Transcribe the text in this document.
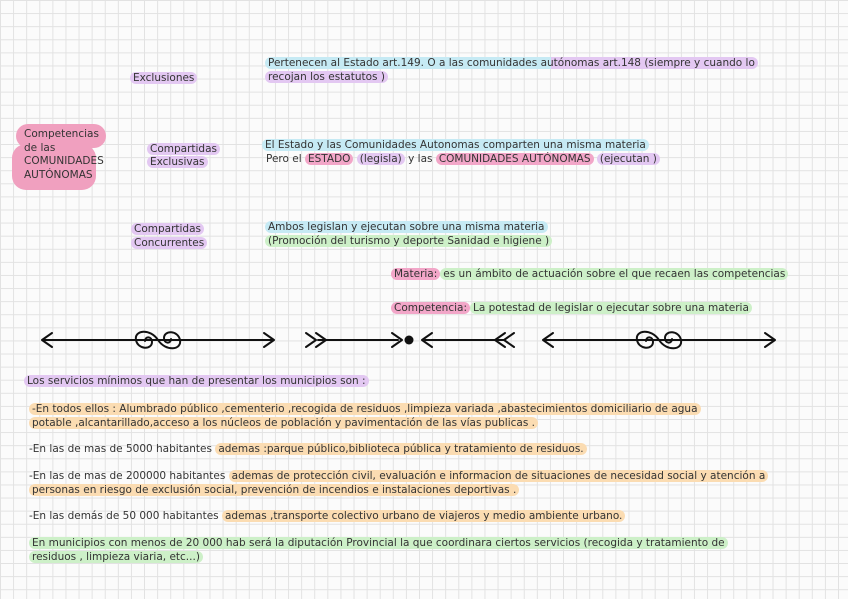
Competencias de las COMUNIDADES AUTÓNOMAS
Exclusiones
Pertenecen al Estado art.149. O a las comunidades autónomas art.148 (siempre y cuando lo
recojan los estatutos )
Compartidas
Exclusivas
El Estado y las Comunidades Autonomas comparten una misma materia
Pero el ESTADO (legisla) y las COMUNIDADES AUTÓNOMAS (ejecutan )
Compartidas
Concurrentes
Ambos legislan y ejecutan sobre una misma materia
(Promoción del turismo y deporte Sanidad e higiene )
Materia: es un ámbito de actuación sobre el que recaen las competencias
Competencia: La potestad de legislar o ejecutar sobre una materia
Los servicios mínimos que han de presentar los municipios son :
-En todos ellos : Alumbrado público ,cementerio ,recogida de residuos ,limpieza variada ,abastecimientos domiciliario de agua
potable ,alcantarillado,acceso a los núcleos de población y pavimentación de las vías publicas .
-En las de mas de 5000 habitantes ademas :parque público,biblioteca pública y tratamiento de residuos.
-En las de mas de 200000 habitantes ademas de protección civil, evaluación e informacion de situaciones de necesidad social y atención a
personas en riesgo de exclusión social, prevención de incendios e instalaciones deportivas .
-En las demás de 50 000 habitantes ademas ,transporte colectivo urbano de viajeros y medio ambiente urbano.
En municipios con menos de 20 000 hab será la diputación Provincial la que coordinara ciertos servicios (recogida y tratamiento de
residuos , limpieza viaria, etc...)
